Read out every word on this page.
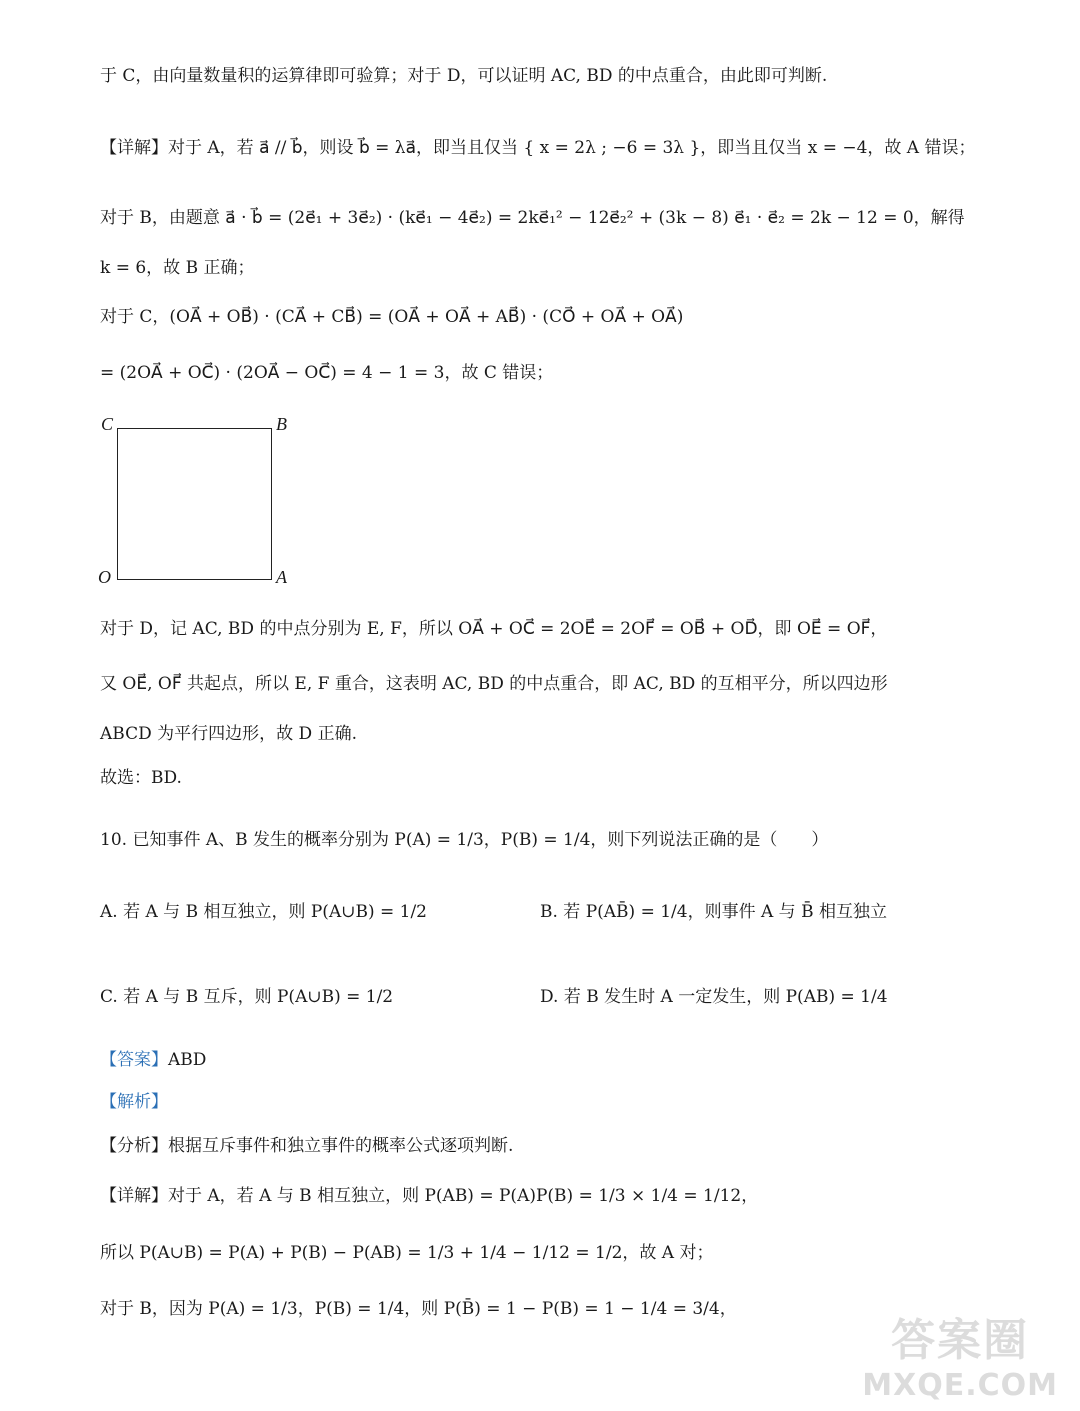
于 C，由向量数量积的运算律即可验算；对于 D，可以证明 AC, BD 的中点重合，由此即可判断.
【详解】对于 A，若 a⃗ // b⃗，则设 b⃗ = λa⃗，即当且仅当 { x = 2λ ; −6 = 3λ }，即当且仅当 x = −4，故 A 错误；
对于 B，由题意 a⃗ · b⃗ = (2e⃗₁ + 3e⃗₂) · (ke⃗₁ − 4e⃗₂) = 2ke⃗₁² − 12e⃗₂² + (3k − 8) e⃗₁ · e⃗₂ = 2k − 12 = 0，解得
k = 6，故 B 正确；
对于 C，(OA⃗ + OB⃗) · (CA⃗ + CB⃗) = (OA⃗ + OA⃗ + AB⃗) · (CO⃗ + OA⃗ + OA⃗)
= (2OA⃗ + OC⃗) · (2OA⃗ − OC⃗) = 4 − 1 = 3，故 C 错误；
C	B
O	A
对于 D，记 AC, BD 的中点分别为 E, F，所以 OA⃗ + OC⃗ = 2OE⃗ = 2OF⃗ = OB⃗ + OD⃗，即 OE⃗ = OF⃗，
又 OE⃗, OF⃗ 共起点，所以 E, F 重合，这表明 AC, BD 的中点重合，即 AC, BD 的互相平分，所以四边形
ABCD 为平行四边形，故 D 正确.
故选：BD.
10. 已知事件 A、B 发生的概率分别为 P(A) = 1/3，P(B) = 1/4，则下列说法正确的是（　　）
A. 若 A 与 B 相互独立，则 P(A∪B) = 1/2	B. 若 P(AB̄) = 1/4，则事件 A 与 B̄ 相互独立
C. 若 A 与 B 互斥，则 P(A∪B) = 1/2	D. 若 B 发生时 A 一定发生，则 P(AB) = 1/4
【答案】ABD
【解析】
【分析】根据互斥事件和独立事件的概率公式逐项判断.
【详解】对于 A，若 A 与 B 相互独立，则 P(AB) = P(A)P(B) = 1/3 × 1/4 = 1/12，
所以 P(A∪B) = P(A) + P(B) − P(AB) = 1/3 + 1/4 − 1/12 = 1/2，故 A 对；
对于 B，因为 P(A) = 1/3，P(B) = 1/4，则 P(B̄) = 1 − P(B) = 1 − 1/4 = 3/4，
答案圈
MXQE.COM
